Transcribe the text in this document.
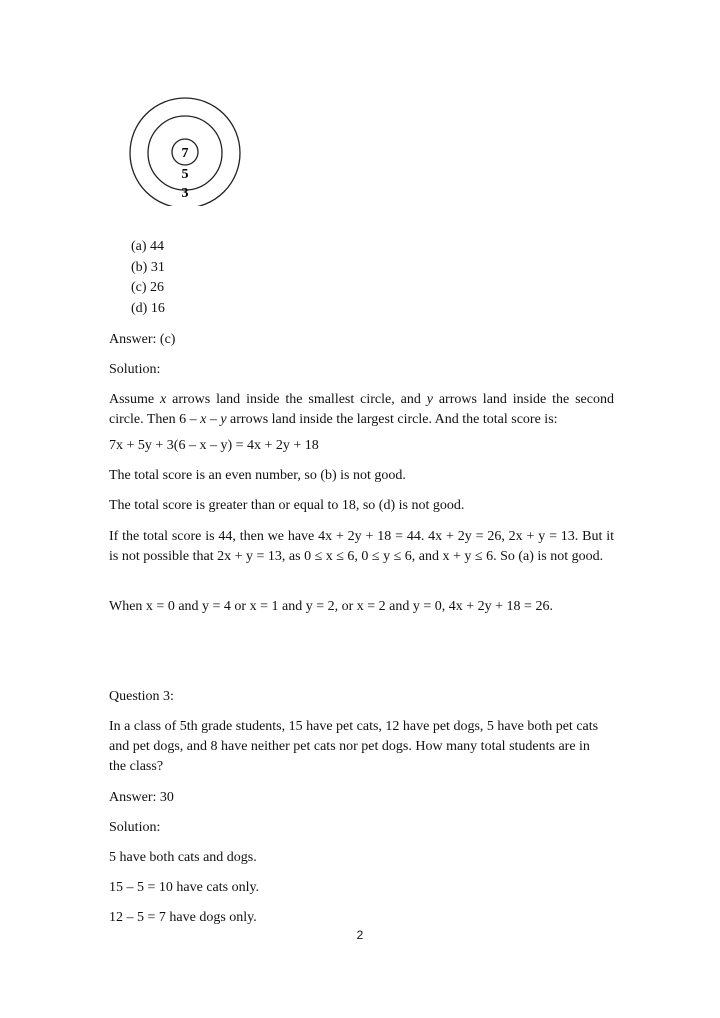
7
5
3
(a) 44
(b) 31
(c) 26
(d) 16
Answer: (c)
Solution:
Assume x arrows land inside the smallest circle, and y arrows land inside the second circle. Then 6 – x – y arrows land inside the largest circle. And the total score is:
7x + 5y + 3(6 – x – y) = 4x + 2y + 18
The total score is an even number, so (b) is not good.
The total score is greater than or equal to 18, so (d) is not good.
If the total score is 44, then we have 4x + 2y + 18 = 44. 4x + 2y = 26, 2x + y = 13. But it is not possible that 2x + y = 13, as 0 ≤ x ≤ 6, 0 ≤ y ≤ 6, and x + y ≤ 6. So (a) is not good.
When x = 0 and y = 4 or x = 1 and y = 2, or x = 2 and y = 0, 4x + 2y + 18 = 26.
Question 3:
In a class of 5th grade students, 15 have pet cats, 12 have pet dogs, 5 have both pet cats and pet dogs, and 8 have neither pet cats nor pet dogs. How many total students are in the class?
Answer: 30
Solution:
5 have both cats and dogs.
15 – 5 = 10 have cats only.
12 – 5 = 7 have dogs only.
2
